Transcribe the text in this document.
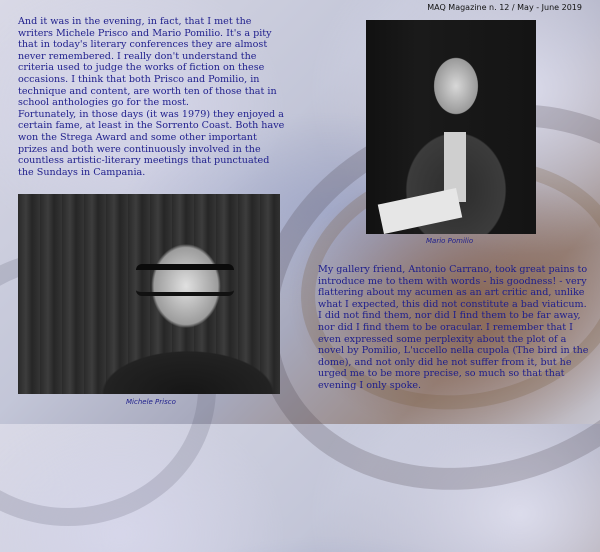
MAQ Magazine n. 12 / May - June 2019

And it was in the evening, in fact, that I met the writers Michele Prisco and Mario Pomilio. It's a pity that in today's literary conferences they are almost never remembered. I really don't understand the criteria used to judge the works of fiction on these occasions. I think that both Prisco and Pomilio, in technique and content, are worth ten of those that in school anthologies go for the most.

Fortunately, in those days (it was 1979) they enjoyed a certain fame, at least in the Sorrento Coast. Both have won the Strega Award and some other important prizes and both were continuously involved in the countless artistic-literary meetings that punctuated the Sundays in Campania.

Mario Pomilio
Michele Prisco

My gallery friend, Antonio Carrano, took great pains to introduce me to them with words - his goodness! - very flattering about my acumen as an art critic and, unlike what I expected, this did not constitute a bad viaticum. I did not find them, nor did I find them to be far away, nor did I find them to be oracular. I remember that I even expressed some perplexity about the plot of a novel by Pomilio, L'uccello nella cupola (The bird in the dome), and not only did he not suffer from it, but he urged me to be more precise, so much so that that evening I only spoke.
